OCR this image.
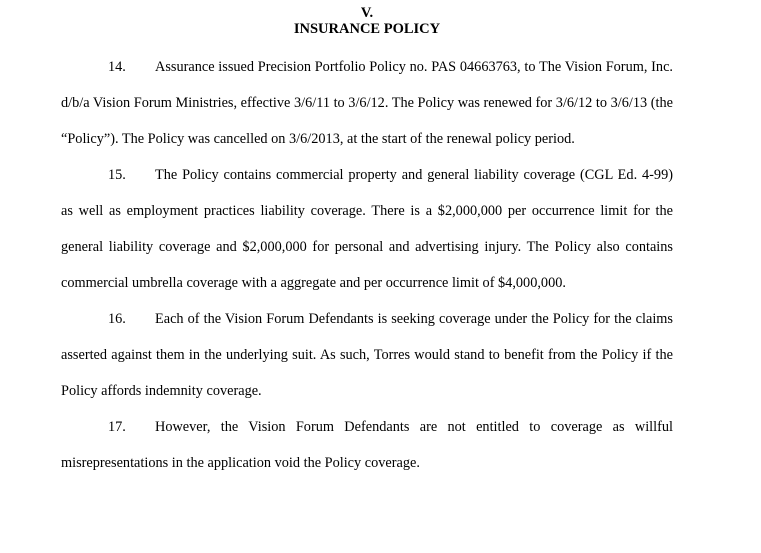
V.

INSURANCE POLICY

14. Assurance issued Precision Portfolio Policy no. PAS 04663763, to The Vision Forum, Inc. d/b/a Vision Forum Ministries, effective 3/6/11 to 3/6/12. The Policy was renewed for 3/6/12 to 3/6/13 (the “Policy”). The Policy was cancelled on 3/6/2013, at the start of the renewal policy period.

15. The Policy contains commercial property and general liability coverage (CGL Ed. 4-99) as well as employment practices liability coverage. There is a $2,000,000 per occurrence limit for the general liability coverage and $2,000,000 for personal and advertising injury. The Policy also contains commercial umbrella coverage with a aggregate and per occurrence limit of $4,000,000.

16. Each of the Vision Forum Defendants is seeking coverage under the Policy for the claims asserted against them in the underlying suit. As such, Torres would stand to benefit from the Policy if the Policy affords indemnity coverage.

17. However, the Vision Forum Defendants are not entitled to coverage as willful misrepresentations in the application void the Policy coverage.
